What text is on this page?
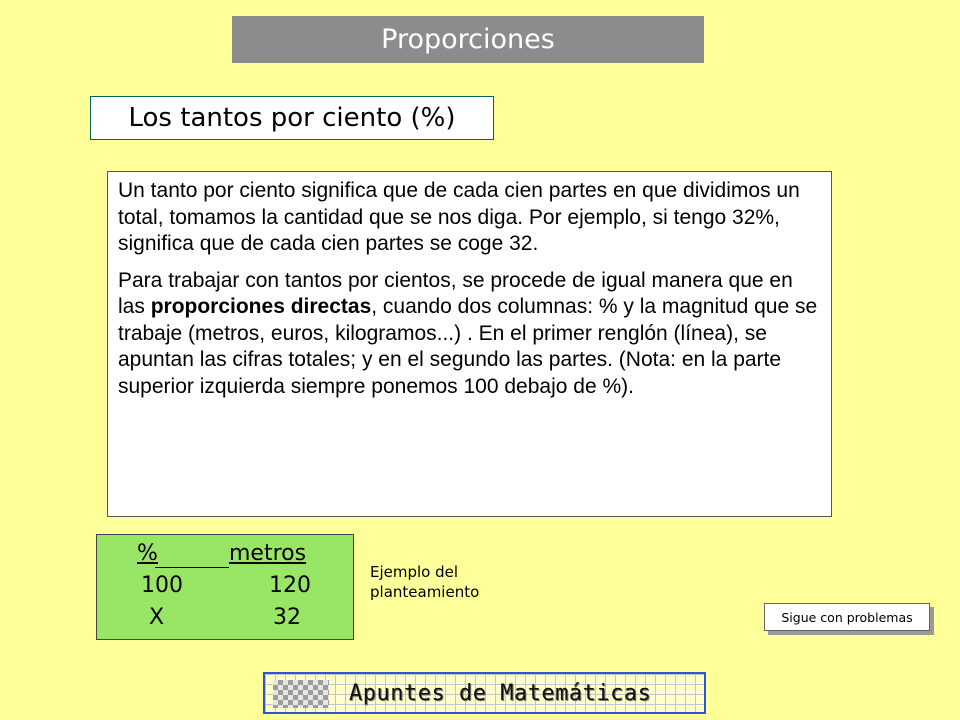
Proporciones
Los tantos por ciento (%)

Un tanto por ciento significa que de cada cien partes en que dividimos un total, tomamos la cantidad que se nos diga. Por ejemplo, si tengo 32%, significa que de cada cien partes se coge 32.

Para trabajar con tantos por cientos, se procede de igual manera que en las proporciones directas, cuando dos columnas: % y la magnitud que se trabaje (metros, euros, kilogramos...) . En el primer renglón (línea), se apuntan las cifras totales; y en el segundo las partes. (Nota: en la parte superior izquierda siempre ponemos 100 debajo de %).

%	metros
100	120
X	32
Ejemplo del
planteamiento
Sigue con problemas
Apuntes de Matemáticas
